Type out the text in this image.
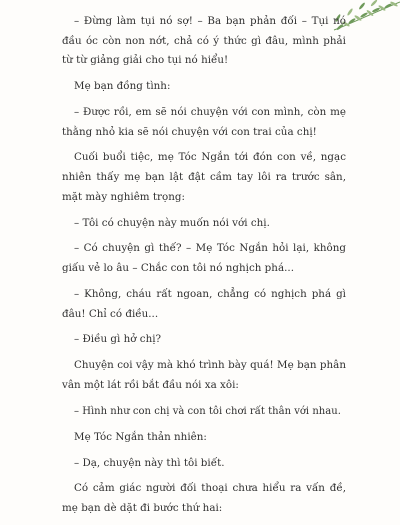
– Đừng làm tụi nó sợ! – Ba bạn phản đối – Tụi nó đầu óc còn non nớt, chả có ý thức gì đâu, mình phải từ từ giảng giải cho tụi nó hiểu!

Mẹ bạn đồng tình:

– Được rồi, em sẽ nói chuyện với con mình, còn mẹ thằng nhỏ kia sẽ nói chuyện với con trai của chị!

Cuối buổi tiệc, mẹ Tóc Ngắn tới đón con về, ngạc nhiên thấy mẹ bạn lật đật cầm tay lôi ra trước sân, mặt mày nghiêm trọng:

– Tôi có chuyện này muốn nói với chị.

– Có chuyện gì thế? – Mẹ Tóc Ngắn hỏi lại, không giấu vẻ lo âu – Chắc con tôi nó nghịch phá...

– Không, cháu rất ngoan, chẳng có nghịch phá gì đâu! Chỉ có điều...

– Điều gì hở chị?

Chuyện coi vậy mà khó trình bày quá! Mẹ bạn phân vân một lát rồi bắt đầu nói xa xôi:

– Hình như con chị và con tôi chơi rất thân với nhau.

Mẹ Tóc Ngắn thản nhiên:

– Dạ, chuyện này thì tôi biết.

Có cảm giác người đối thoại chưa hiểu ra vấn đề, mẹ bạn dè dặt đi bước thứ hai:
